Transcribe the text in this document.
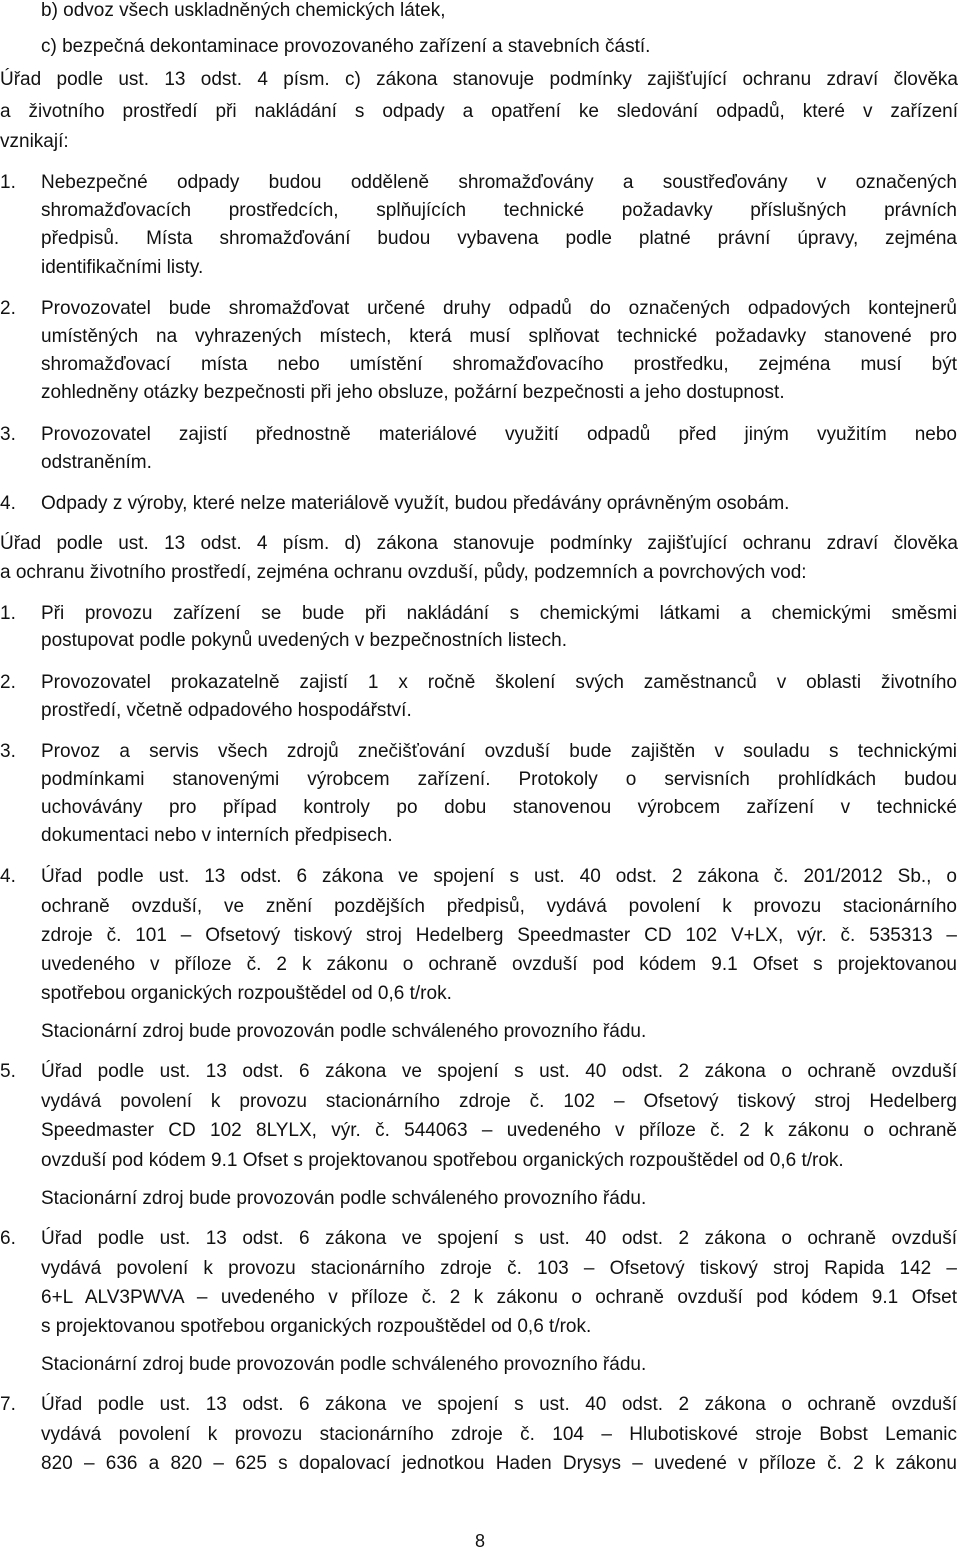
b) odvoz všech uskladněných chemických látek,
c) bezpečná dekontaminace provozovaného zařízení a stavebních částí.
Úřad podle ust. 13 odst. 4 písm. c) zákona stanovuje podmínky zajišťující ochranu zdraví člověka
a životního prostředí při nakládání s odpady a opatření ke sledování odpadů, které v zařízení
vznikají:
1. Nebezpečné odpady budou odděleně shromažďovány a soustřeďovány v označených
shromažďovacích prostředcích, splňujících technické požadavky příslušných právních
předpisů. Místa shromažďování budou vybavena podle platné právní úpravy, zejména
identifikačními listy.
2. Provozovatel bude shromažďovat určené druhy odpadů do označených odpadových kontejnerů
umístěných na vyhrazených místech, která musí splňovat technické požadavky stanovené pro
shromažďovací místa nebo umístění shromažďovacího prostředku, zejména musí být
zohledněny otázky bezpečnosti při jeho obsluze, požární bezpečnosti a jeho dostupnost.
3. Provozovatel zajistí přednostně materiálové využití odpadů před jiným využitím nebo
odstraněním.
4. Odpady z výroby, které nelze materiálově využít, budou předávány oprávněným osobám.
Úřad podle ust. 13 odst. 4 písm. d) zákona stanovuje podmínky zajišťující ochranu zdraví člověka
a ochranu životního prostředí, zejména ochranu ovzduší, půdy, podzemních a povrchových vod:
1. Při provozu zařízení se bude při nakládání s chemickými látkami a chemickými směsmi
postupovat podle pokynů uvedených v bezpečnostních listech.
2. Provozovatel prokazatelně zajistí 1 x ročně školení svých zaměstnanců v oblasti životního
prostředí, včetně odpadového hospodářství.
3. Provoz a servis všech zdrojů znečišťování ovzduší bude zajištěn v souladu s technickými
podmínkami stanovenými výrobcem zařízení. Protokoly o servisních prohlídkách budou
uchovávány pro případ kontroly po dobu stanovenou výrobcem zařízení v technické
dokumentaci nebo v interních předpisech.
4. Úřad podle ust. 13 odst. 6 zákona ve spojení s ust. 40 odst. 2 zákona č. 201/2012 Sb., o
ochraně ovzduší, ve znění pozdějších předpisů, vydává povolení k provozu stacionárního
zdroje č. 101 – Ofsetový tiskový stroj Hedelberg Speedmaster CD 102 V+LX, výr. č. 535313 –
uvedeného v příloze č. 2 k zákonu o ochraně ovzduší pod kódem 9.1 Ofset s projektovanou
spotřebou organických rozpouštědel od 0,6 t/rok.
Stacionární zdroj bude provozován podle schváleného provozního řádu.
5. Úřad podle ust. 13 odst. 6 zákona ve spojení s ust. 40 odst. 2 zákona o ochraně ovzduší
vydává povolení k provozu stacionárního zdroje č. 102 – Ofsetový tiskový stroj Hedelberg
Speedmaster CD 102 8LYLX, výr. č. 544063 – uvedeného v příloze č. 2 k zákonu o ochraně
ovzduší pod kódem 9.1 Ofset s projektovanou spotřebou organických rozpouštědel od 0,6 t/rok.
Stacionární zdroj bude provozován podle schváleného provozního řádu.
6. Úřad podle ust. 13 odst. 6 zákona ve spojení s ust. 40 odst. 2 zákona o ochraně ovzduší
vydává povolení k provozu stacionárního zdroje č. 103 – Ofsetový tiskový stroj Rapida 142 –
6+L ALV3PWVA – uvedeného v příloze č. 2 k zákonu o ochraně ovzduší pod kódem 9.1 Ofset
s projektovanou spotřebou organických rozpouštědel od 0,6 t/rok.
Stacionární zdroj bude provozován podle schváleného provozního řádu.
7. Úřad podle ust. 13 odst. 6 zákona ve spojení s ust. 40 odst. 2 zákona o ochraně ovzduší
vydává povolení k provozu stacionárního zdroje č. 104 – Hlubotiskové stroje Bobst Lemanic
820 – 636 a 820 – 625 s dopalovací jednotkou Haden Drysys – uvedené v příloze č. 2 k zákonu
8
